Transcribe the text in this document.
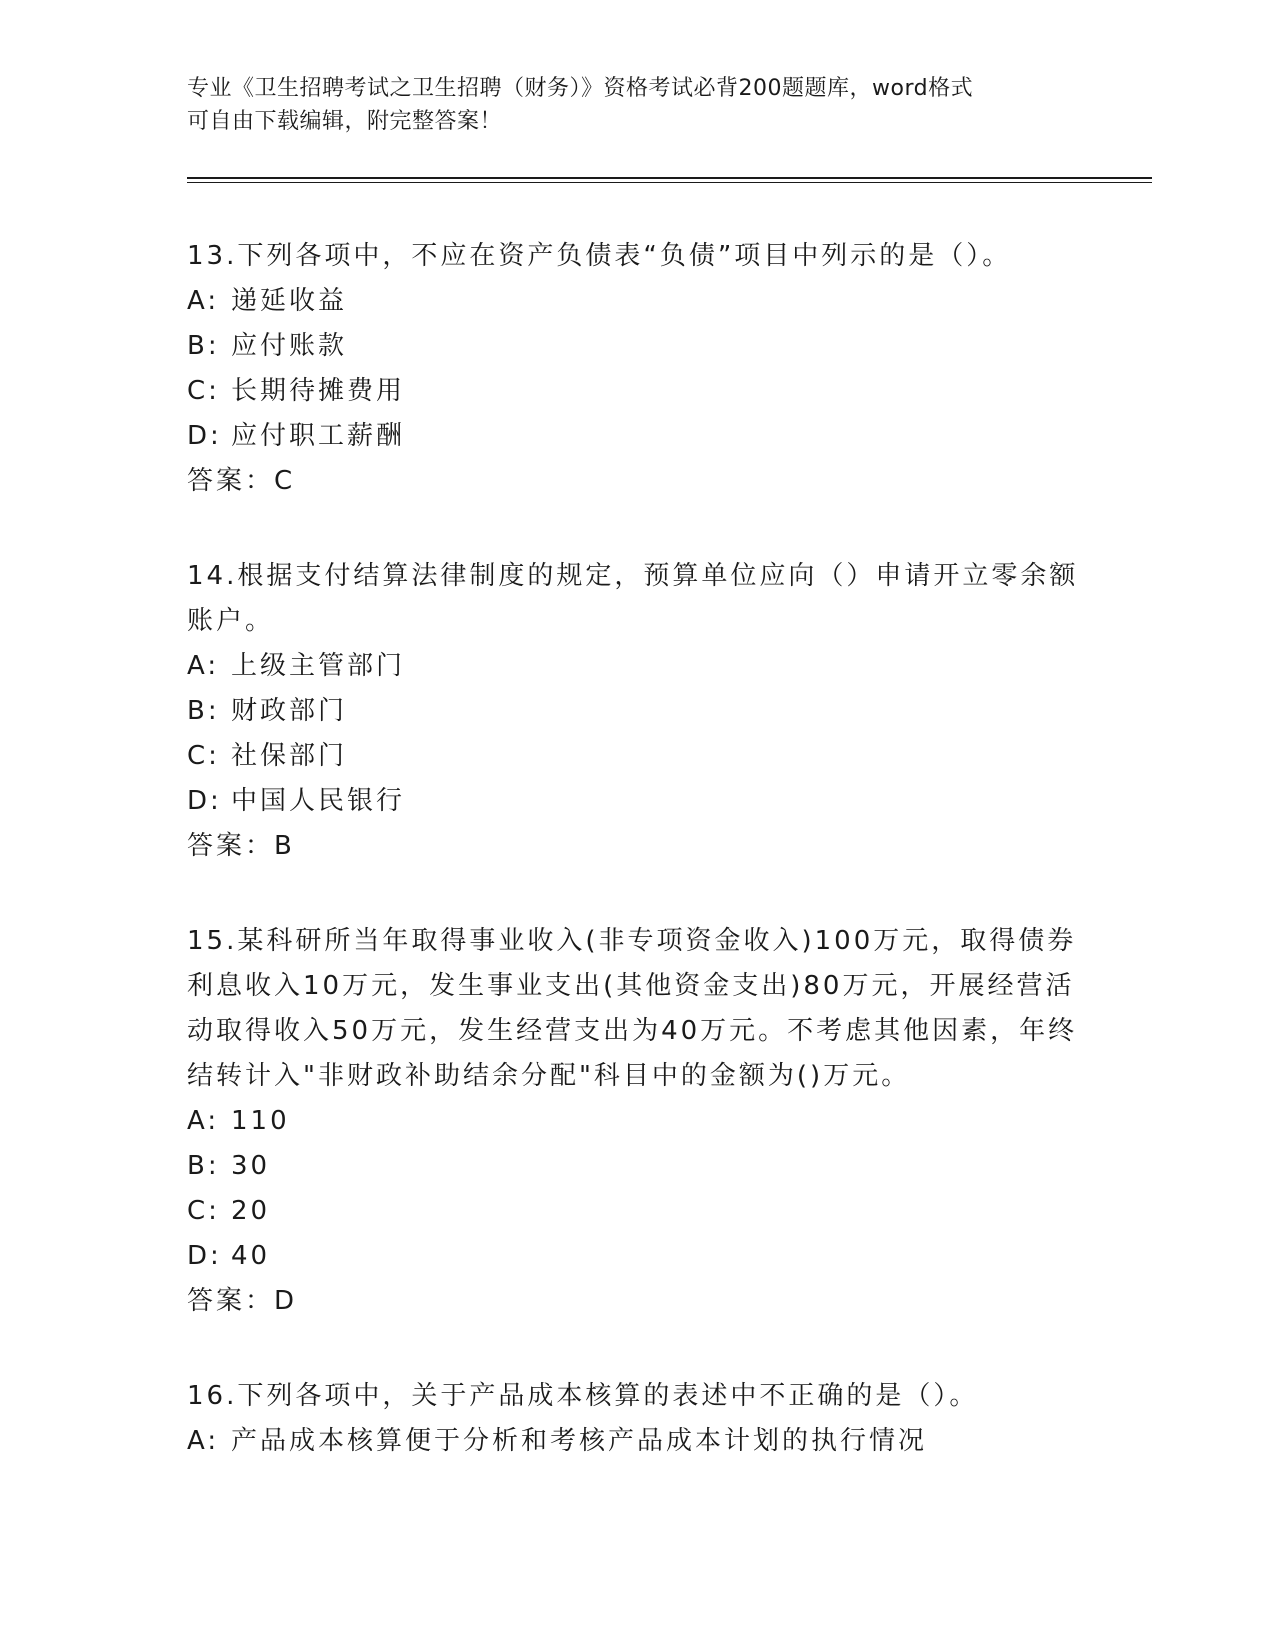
专业《卫生招聘考试之卫生招聘（财务）》资格考试必背200题题库，word格式
可自由下载编辑，附完整答案！
13.下列各项中，不应在资产负债表“负债”项目中列示的是（）。
A: 递延收益
B: 应付账款
C: 长期待摊费用
D: 应付职工薪酬
答案：C
14.根据支付结算法律制度的规定，预算单位应向（）申请开立零余额账户。
A: 上级主管部门
B: 财政部门
C: 社保部门
D: 中国人民银行
答案：B
15.某科研所当年取得事业收入(非专项资金收入)100万元，取得债券利息收入10万元，发生事业支出(其他资金支出)80万元，开展经营活动取得收入50万元，发生经营支出为40万元。不考虑其他因素，年终结转计入"非财政补助结余分配"科目中的金额为()万元。
A: 110
B: 30
C: 20
D: 40
答案：D
16.下列各项中，关于产品成本核算的表述中不正确的是（）。
A: 产品成本核算便于分析和考核产品成本计划的执行情况
